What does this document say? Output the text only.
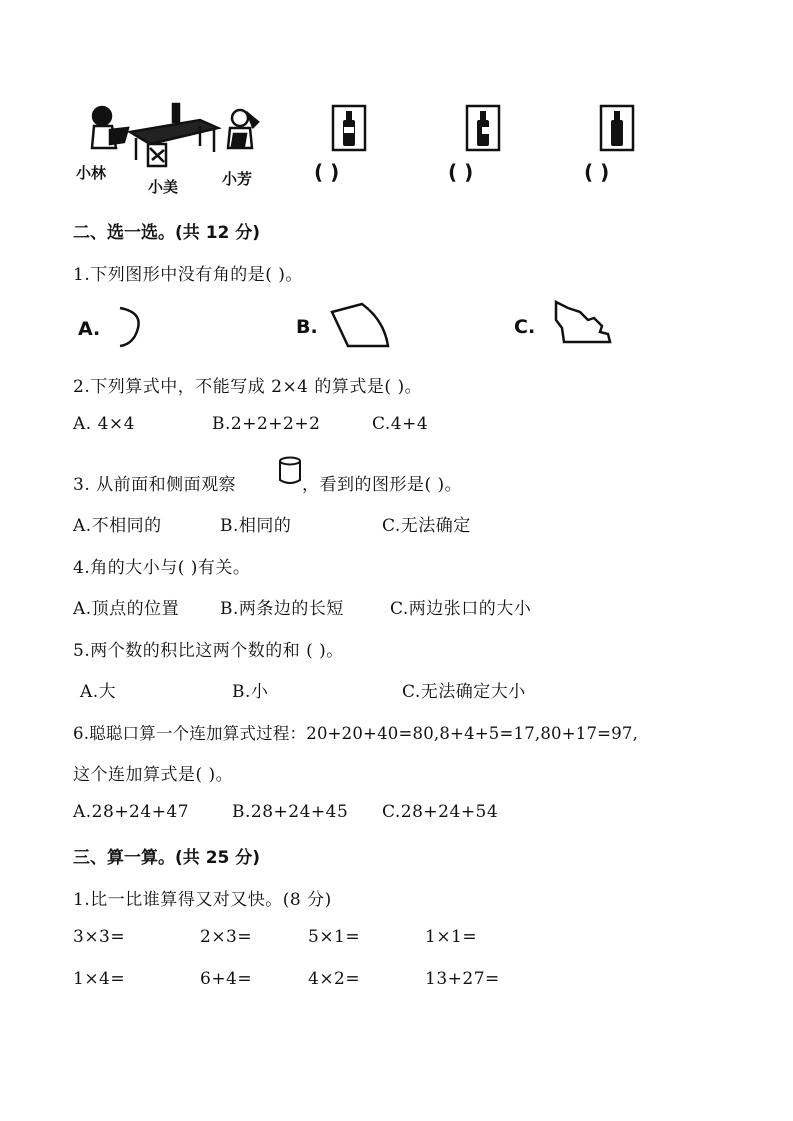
小林
小美	小芳	( )	( )	( )
二、选一选。(共 12 分)
1.下列图形中没有角的是( )。
A.	B.	C.
2.下列算式中，不能写成 2×4 的算式是( )。
A. 4×4	B.2+2+2+2	C.4+4
3. 从前面和侧面观察	，看到的图形是( )。
A.不相同的	B.相同的	C.无法确定
4.角的大小与( )有关。
A.顶点的位置 B.两条边的长短	C.两边张口的大小
5.两个数的积比这两个数的和 ( )。
A.大	B.小	C.无法确定大小
6.聪聪口算一个连加算式过程：20+20+40=80,8+4+5=17,80+17=97,
这个连加算式是( )。
A.28+24+47	B.28+24+45 C.28+24+54
三、算一算。(共 25 分)
1.比一比谁算得又对又快。(8 分)
3×3=	2×3=	5×1=	1×1=
1×4=	6+4=	4×2=	13+27=
